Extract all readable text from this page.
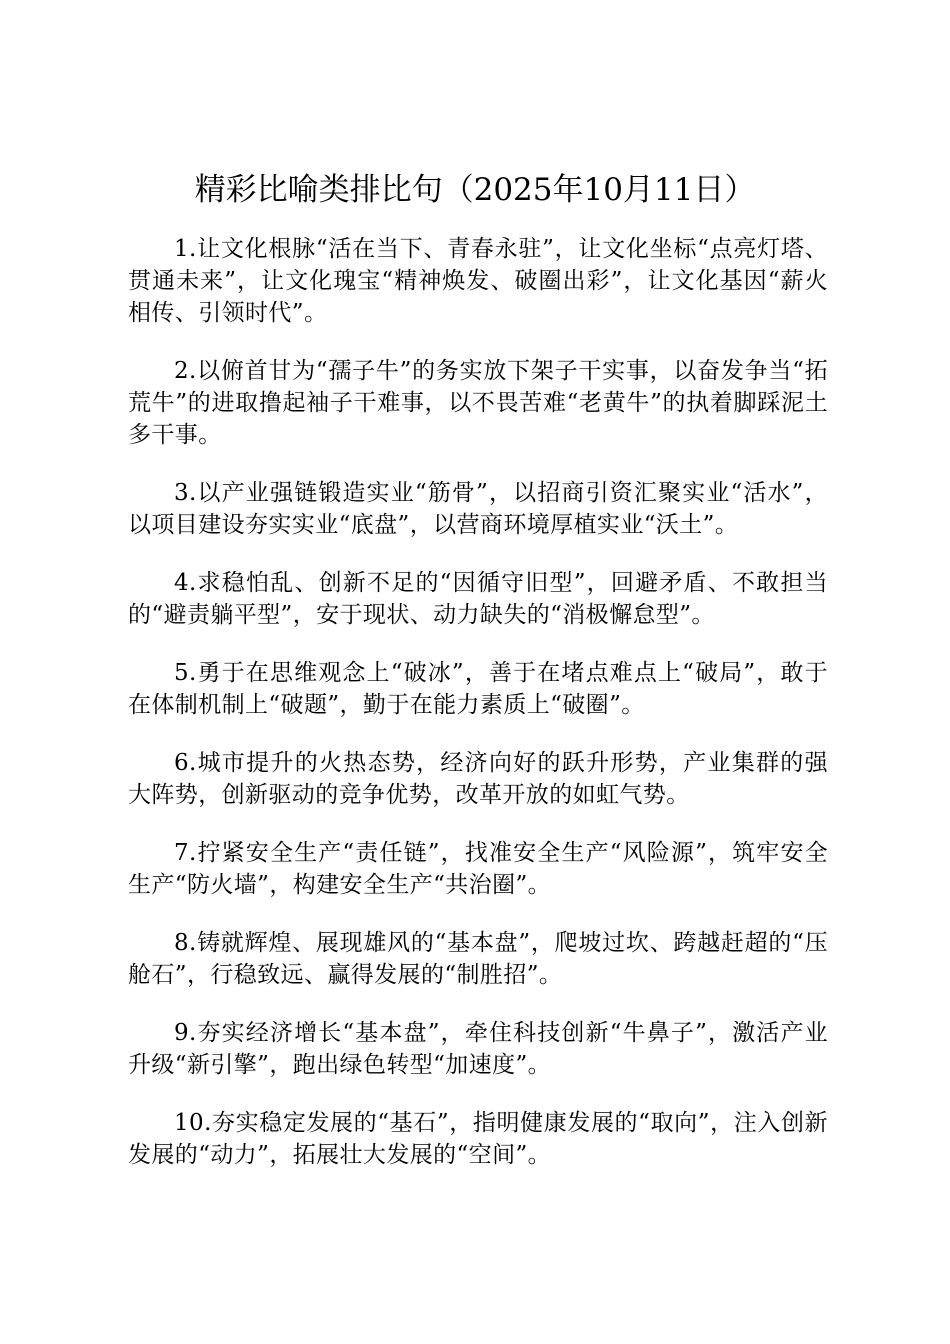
精彩比喻类排比句（2025年10月11日）

1.让文化根脉“活在当下、青春永驻”，让文化坐标“点亮灯塔、贯通未来”，让文化瑰宝“精神焕发、破圈出彩”，让文化基因“薪火相传、引领时代”。

2.以俯首甘为“孺子牛”的务实放下架子干实事，以奋发争当“拓荒牛”的进取撸起袖子干难事，以不畏苦难“老黄牛”的执着脚踩泥土多干事。

3.以产业强链锻造实业“筋骨”，以招商引资汇聚实业“活水”，以项目建设夯实实业“底盘”，以营商环境厚植实业“沃土”。

4.求稳怕乱、创新不足的“因循守旧型”，回避矛盾、不敢担当的“避责躺平型”，安于现状、动力缺失的“消极懈怠型”。

5.勇于在思维观念上“破冰”，善于在堵点难点上“破局”，敢于在体制机制上“破题”，勤于在能力素质上“破圈”。

6.城市提升的火热态势，经济向好的跃升形势，产业集群的强大阵势，创新驱动的竞争优势，改革开放的如虹气势。

7.拧紧安全生产“责任链”，找准安全生产“风险源”，筑牢安全生产“防火墙”，构建安全生产“共治圈”。

8.铸就辉煌、展现雄风的“基本盘”，爬坡过坎、跨越赶超的“压舱石”，行稳致远、赢得发展的“制胜招”。

9.夯实经济增长“基本盘”，牵住科技创新“牛鼻子”，激活产业升级“新引擎”，跑出绿色转型“加速度”。

10.夯实稳定发展的“基石”，指明健康发展的“取向”，注入创新发展的“动力”，拓展壮大发展的“空间”。
